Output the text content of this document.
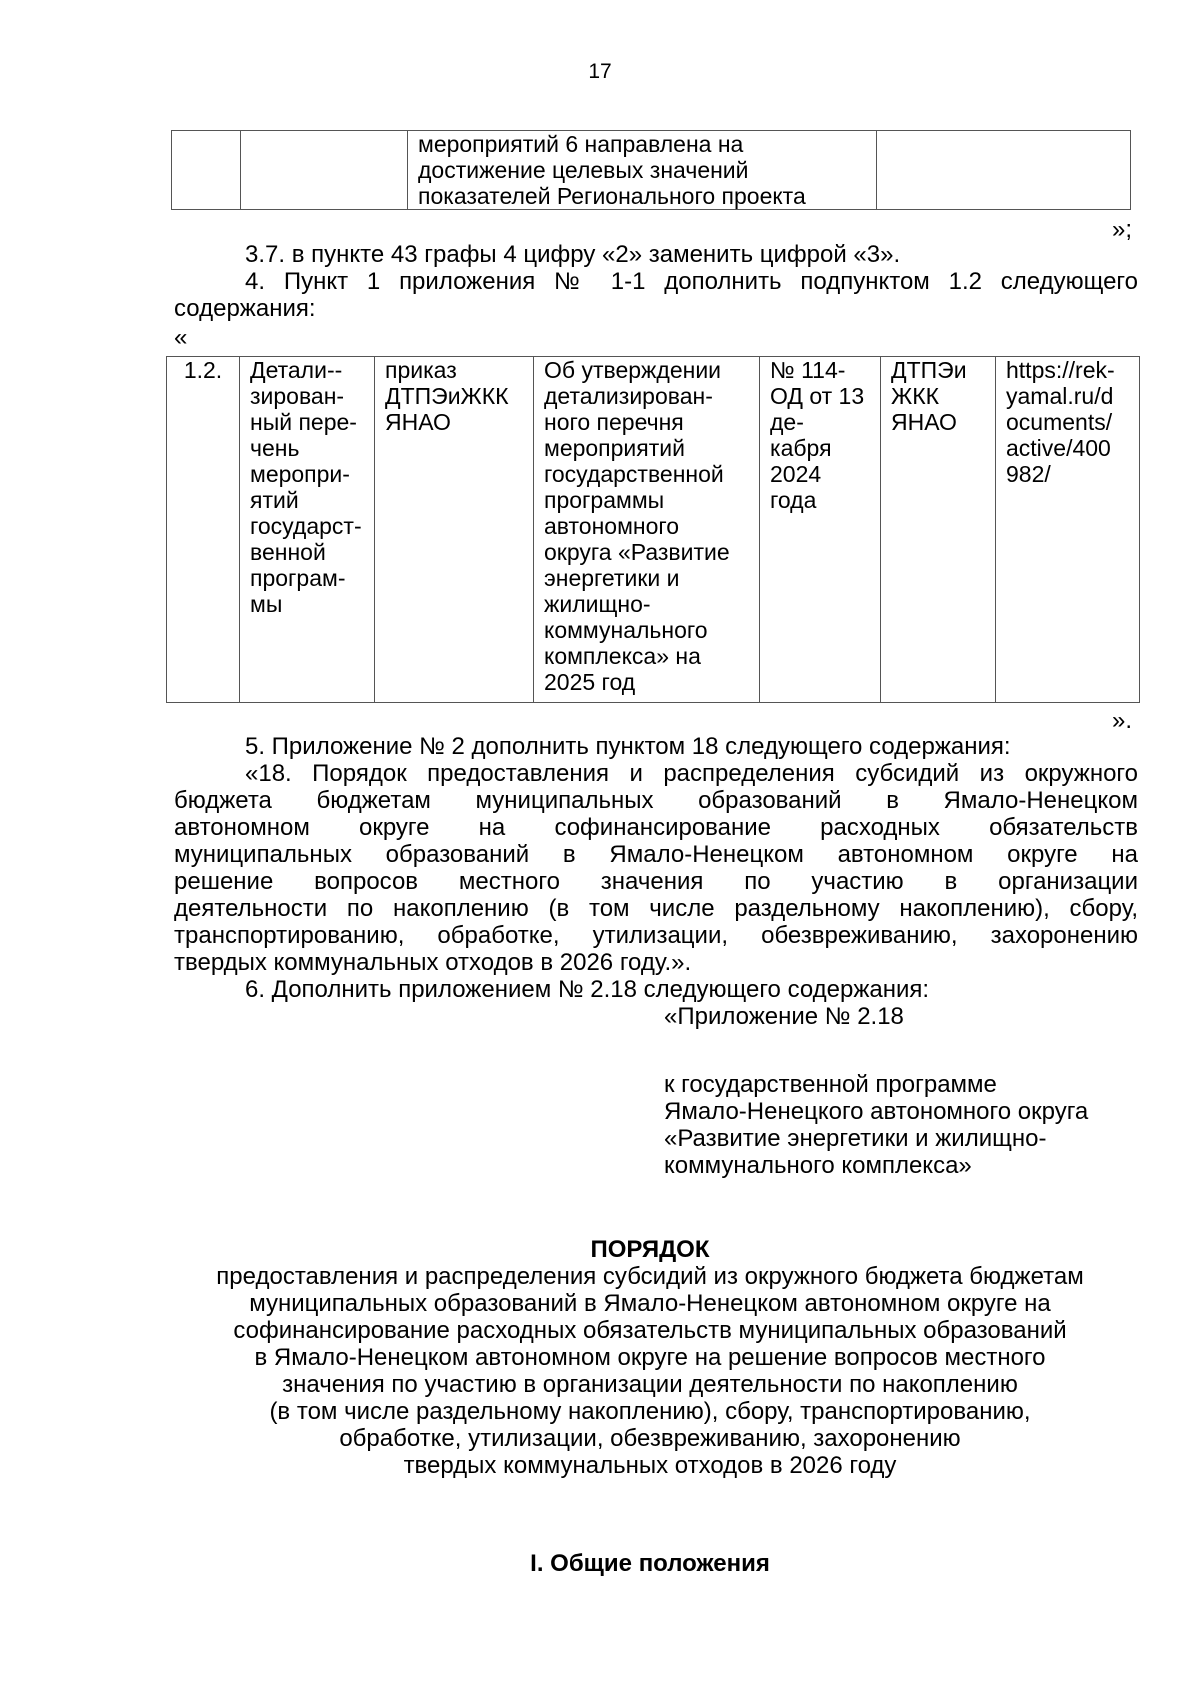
17
		мероприятий 6 направлена на достижение целевых значений показателей Регионального проекта	
»;
3.7. в пункте 43 графы 4 цифру «2» заменить цифрой «3».
4. Пункт 1 приложения № 1-1 дополнить подпунктом 1.2 следующего
содержания:
«
1.2.	Детали-- зирован- ный пере- чень меропри- ятий государст- венной програм- мы	приказ ДТПЭиЖКК ЯНАО	Об утверждении детализирован- ного перечня мероприятий государственной программы автономного округа «Развитие энергетики и жилищно- коммунального комплекса» на 2025 год	№ 114- ОД от 13 де- кабря 2024 года	ДТПЭи ЖКК ЯНАО	https://rek- yamal.ru/d ocuments/ active/400 982/
».
5. Приложение № 2 дополнить пунктом 18 следующего содержания:
«18. Порядок предоставления и распределения субсидий из окружного
бюджета бюджетам муниципальных образований в Ямало-Ненецком
автономном округе на софинансирование расходных обязательств
муниципальных образований в Ямало-Ненецком автономном округе на
решение вопросов местного значения по участию в организации
деятельности по накоплению (в том числе раздельному накоплению), сбору,
транспортированию, обработке, утилизации, обезвреживанию, захоронению
твердых коммунальных отходов в 2026 году.».
6. Дополнить приложением № 2.18 следующего содержания:
«Приложение № 2.18
к государственной программе
Ямало-Ненецкого автономного округа
«Развитие энергетики и жилищно-
коммунального комплекса»
ПОРЯДОК
предоставления и распределения субсидий из окружного бюджета бюджетам
муниципальных образований в Ямало-Ненецком автономном округе на
софинансирование расходных обязательств муниципальных образований
в Ямало-Ненецком автономном округе на решение вопросов местного
значения по участию в организации деятельности по накоплению
(в том числе раздельному накоплению), сбору, транспортированию,
обработке, утилизации, обезвреживанию, захоронению
твердых коммунальных отходов в 2026 году
I. Общие положения
